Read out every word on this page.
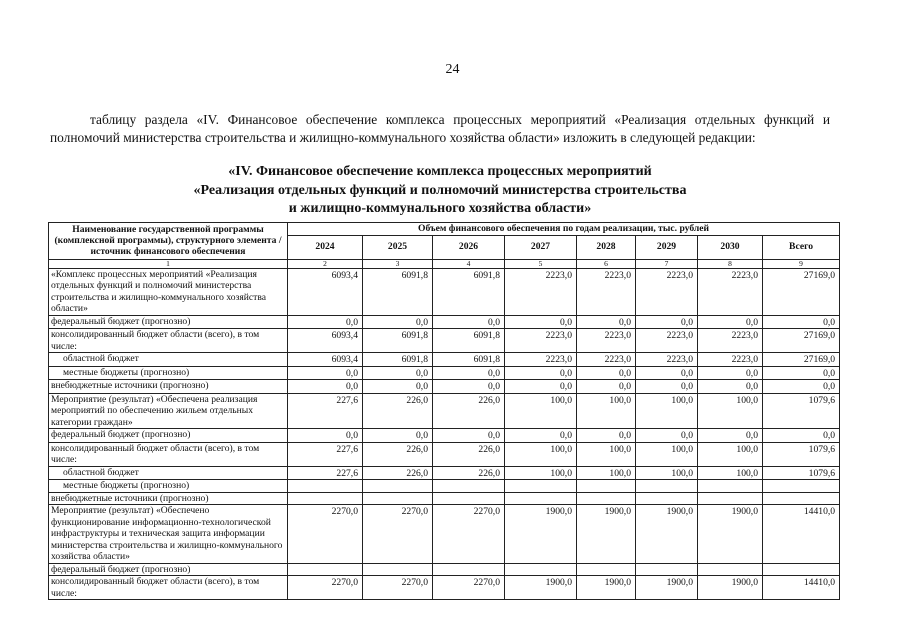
24
таблицу раздела «IV. Финансовое обеспечение комплекса процессных мероприятий «Реализация отдельных функций и полномочий министерства строительства и жилищно-коммунального хозяйства области» изложить в следующей редакции:
«IV. Финансовое обеспечение комплекса процессных мероприятий
«Реализация отдельных функций и полномочий министерства строительства
и жилищно-коммунального хозяйства области»
Наименование государственной программы (комплексной программы), структурного элемента / источник финансового обеспечения	Объем финансового обеспечения по годам реализации, тыс. рублей							
	2024	2025	2026	2027	2028	2029	2030	Всего
1	2	3	4	5	6	7	8	9
«Комплекс процессных мероприятий «Реализация отдельных функций и полномочий министерства строительства и жилищно-коммунального хозяйства области»	6093,4	6091,8	6091,8	2223,0	2223,0	2223,0	2223,0	27169,0
федеральный бюджет (прогнозно)	0,0	0,0	0,0	0,0	0,0	0,0	0,0	0,0
консолидированный бюджет области (всего), в том числе:	6093,4	6091,8	6091,8	2223,0	2223,0	2223,0	2223,0	27169,0
областной бюджет	6093,4	6091,8	6091,8	2223,0	2223,0	2223,0	2223,0	27169,0
местные бюджеты (прогнозно)	0,0	0,0	0,0	0,0	0,0	0,0	0,0	0,0
внебюджетные источники (прогнозно)	0,0	0,0	0,0	0,0	0,0	0,0	0,0	0,0
Мероприятие (результат) «Обеспечена реализация мероприятий по обеспечению жильем отдельных категории граждан»	227,6	226,0	226,0	100,0	100,0	100,0	100,0	1079,6
федеральный бюджет (прогнозно)	0,0	0,0	0,0	0,0	0,0	0,0	0,0	0,0
консолидированный бюджет области (всего), в том числе:	227,6	226,0	226,0	100,0	100,0	100,0	100,0	1079,6
областной бюджет	227,6	226,0	226,0	100,0	100,0	100,0	100,0	1079,6
местные бюджеты (прогнозно)								
внебюджетные источники (прогнозно)								
Мероприятие (результат) «Обеспечено функционирование информационно-технологической инфраструктуры и техническая защита информации министерства строительства и жилищно-коммунального хозяйства области»	2270,0	2270,0	2270,0	1900,0	1900,0	1900,0	1900,0	14410,0
федеральный бюджет (прогнозно)								
консолидированный бюджет области (всего), в том числе:	2270,0	2270,0	2270,0	1900,0	1900,0	1900,0	1900,0	14410,0
